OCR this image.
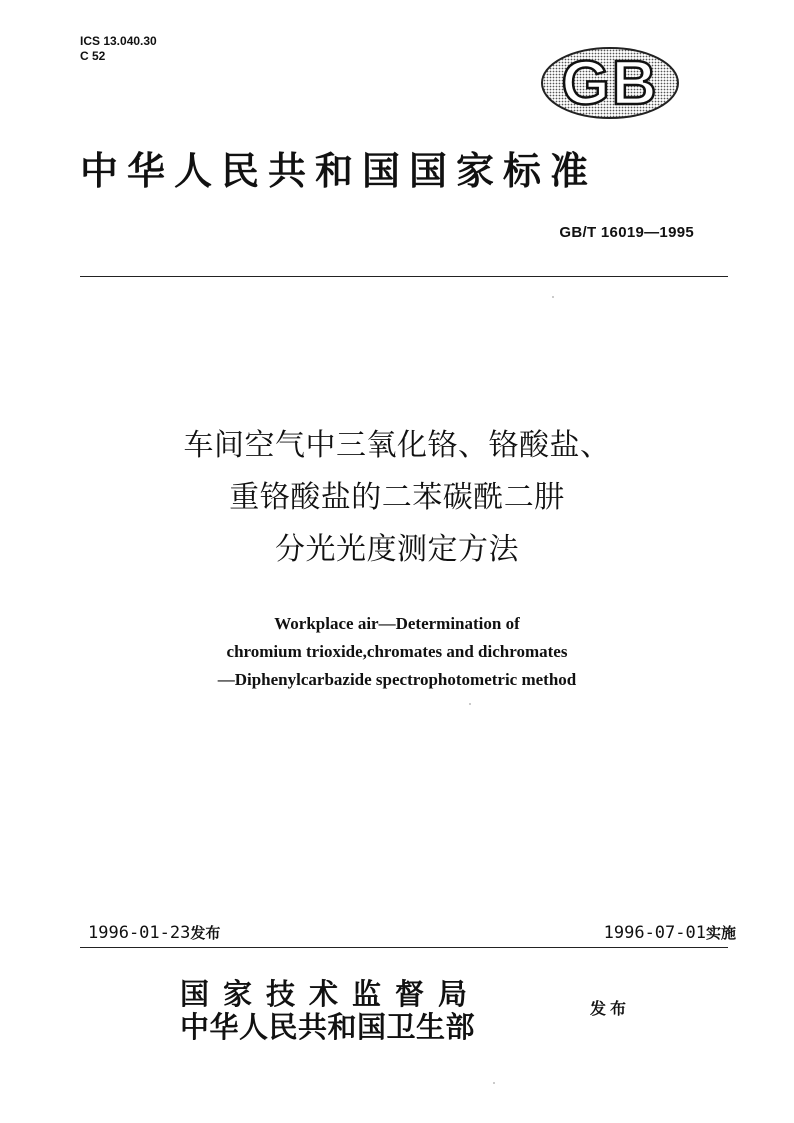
ICS 13.040.30
C 52	GB
中华人民共和国国家标准
GB/T 16019—1995
车间空气中三氧化铬、铬酸盐、
重铬酸盐的二苯碳酰二肼
分光光度测定方法
Workplace air—Determination of
chromium trioxide,chromates and dichromates
—Diphenylcarbazide spectrophotometric method
1996-01-23发布	1996-07-01实施
国家技术监督局
中华人民共和国卫生部
发布
